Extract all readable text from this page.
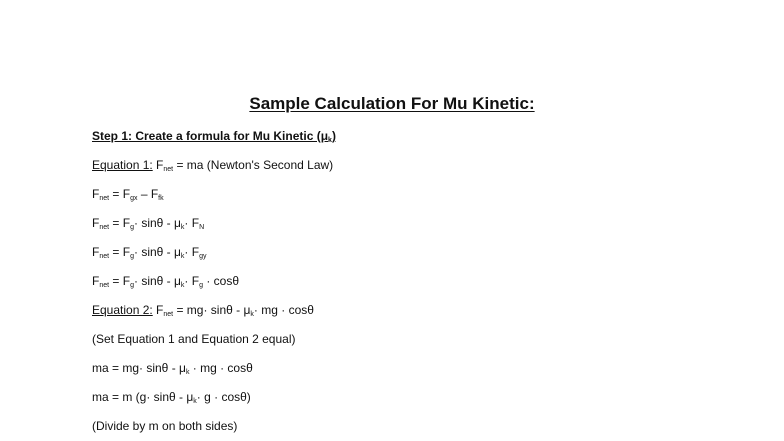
Sample Calculation For Mu Kinetic:
Step 1: Create a formula for Mu Kinetic $(\mu_k)$
Equation 1: $F_{net}$ = ma (Newton's Second Law)
$F_{net} = F_{gx} - F_{fk}$
$F_{net} = F_g\cdot \sin\theta - \mu_k\cdot F_N$
$F_{net} = F_g\cdot \sin\theta - \mu_k\cdot F_{gy}$
$F_{net} = F_g\cdot \sin\theta - \mu_k\cdot F_g \cdot \cos\theta$
Equation 2: $F_{net} = mg\cdot \sin\theta - \mu_k\cdot$ mg · cosθ
(Set Equation 1 and Equation 2 equal)
ma = $mg\cdot \sin\theta - \mu_k$ · mg · cosθ
ma = m $(g\cdot \sin\theta - \mu_k\cdot g \cdot \cos\theta)$
(Divide by m on both sides)
